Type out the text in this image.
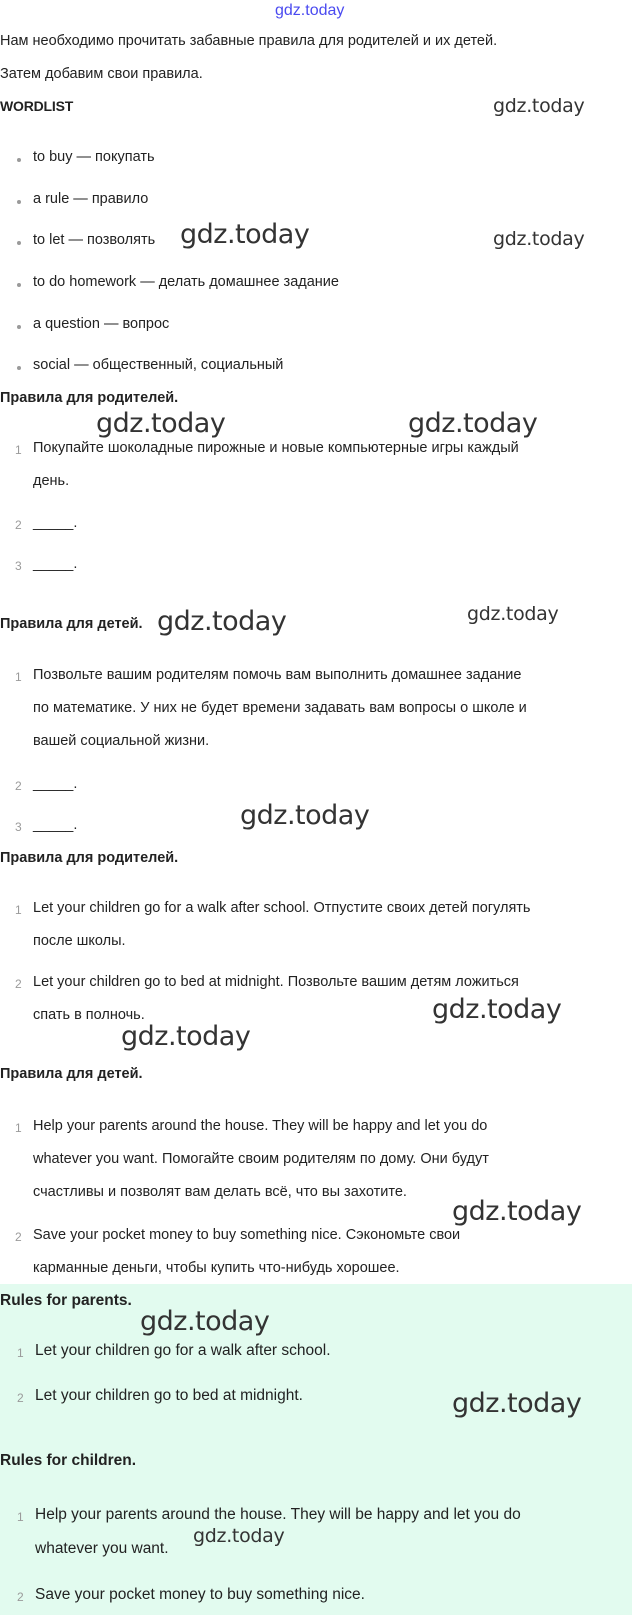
gdz.today
Нам необходимо прочитать забавные правила для родителей и их детей.
Затем добавим свои правила.
WORDLIST
to buy — покупать
a rule — правило
to let — позволять
to do homework — делать домашнее задание
a question — вопрос
social — общественный, социальный
Правила для родителей.
1 Покупайте шоколадные пирожные и новые компьютерные игры каждый
день.
2 _____.
3 _____.
Правила для детей.
1 Позвольте вашим родителям помочь вам выполнить домашнее задание
по математике. У них не будет времени задавать вам вопросы о школе и
вашей социальной жизни.
2 _____.
3 _____.
Правила для родителей.
1 Let your children go for a walk after school. Отпустите своих детей погулять
после школы.
2 Let your children go to bed at midnight. Позвольте вашим детям ложиться
спать в полночь.
Правила для детей.
1 Help your parents around the house. They will be happy and let you do
whatever you want. Помогайте своим родителям по дому. Они будут
счастливы и позволят вам делать всё, что вы захотите.
2 Save your pocket money to buy something nice. Сэкономьте свои
карманные деньги, чтобы купить что-нибудь хорошее.
Rules for parents.
1 Let your children go for a walk after school.
2 Let your children go to bed at midnight.
Rules for children.
1 Help your parents around the house. They will be happy and let you do
whatever you want.
2 Save your pocket money to buy something nice.
gdz.today
gdz.today	gdz.today
gdz.today	gdz.today
gdz.today	gdz.today
gdz.today
gdz.today
gdz.today
gdz.today
gdz.today
gdz.today
gdz.today
